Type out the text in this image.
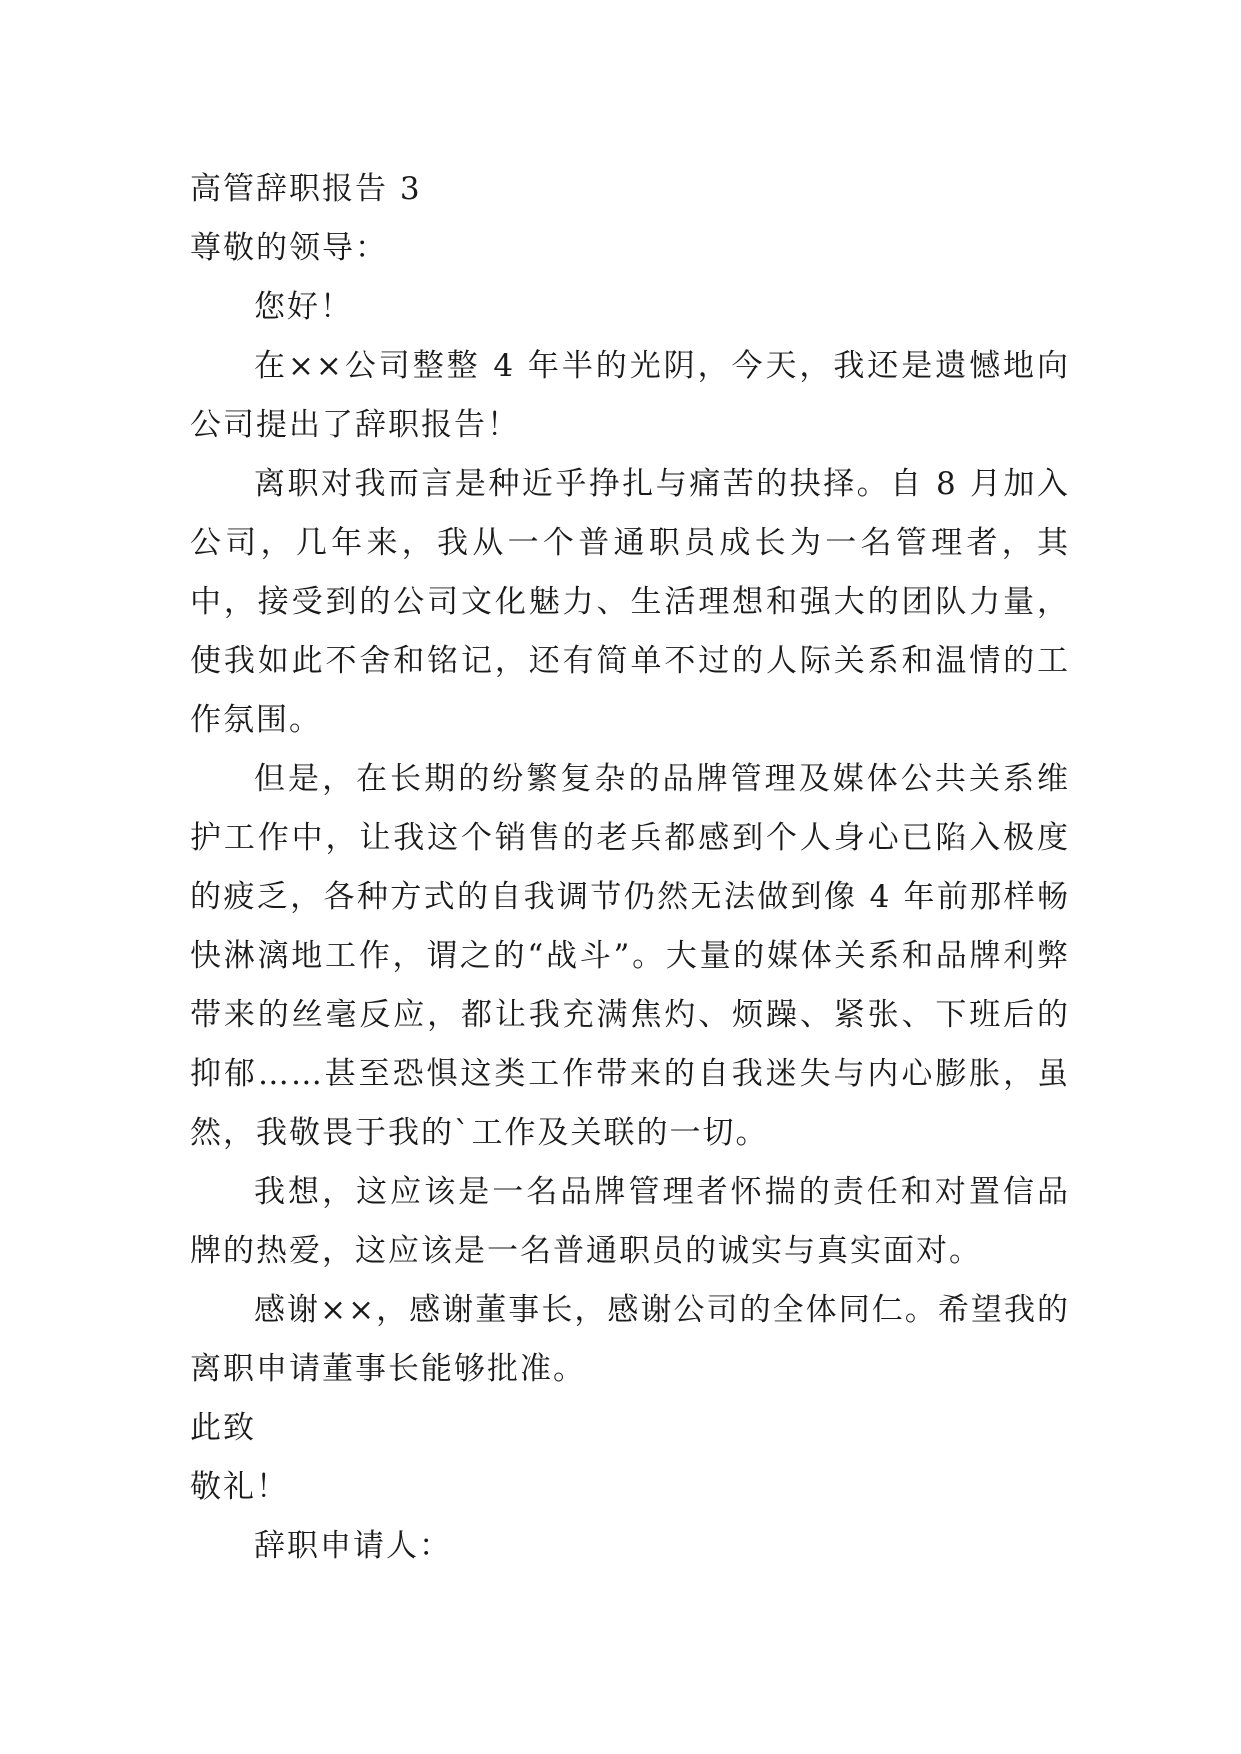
高管辞职报告 3

尊敬的领导：

您好！

在××公司整整 4 年半的光阴，今天，我还是遗憾地向公司提出了辞职报告！

离职对我而言是种近乎挣扎与痛苦的抉择。自 8 月加入公司，几年来，我从一个普通职员成长为一名管理者，其中，接受到的公司文化魅力、生活理想和强大的团队力量，使我如此不舍和铭记，还有简单不过的人际关系和温情的工作氛围。

但是，在长期的纷繁复杂的品牌管理及媒体公共关系维护工作中，让我这个销售的老兵都感到个人身心已陷入极度的疲乏，各种方式的自我调节仍然无法做到像 4 年前那样畅快淋漓地工作，谓之的“战斗”。大量的媒体关系和品牌利弊带来的丝毫反应，都让我充满焦灼、烦躁、紧张、下班后的抑郁……甚至恐惧这类工作带来的自我迷失与内心膨胀，虽然，我敬畏于我的`工作及关联的一切。

我想，这应该是一名品牌管理者怀揣的责任和对置信品牌的热爱，这应该是一名普通职员的诚实与真实面对。

感谢××，感谢董事长，感谢公司的全体同仁。希望我的离职申请董事长能够批准。

此致

敬礼！

辞职申请人：
